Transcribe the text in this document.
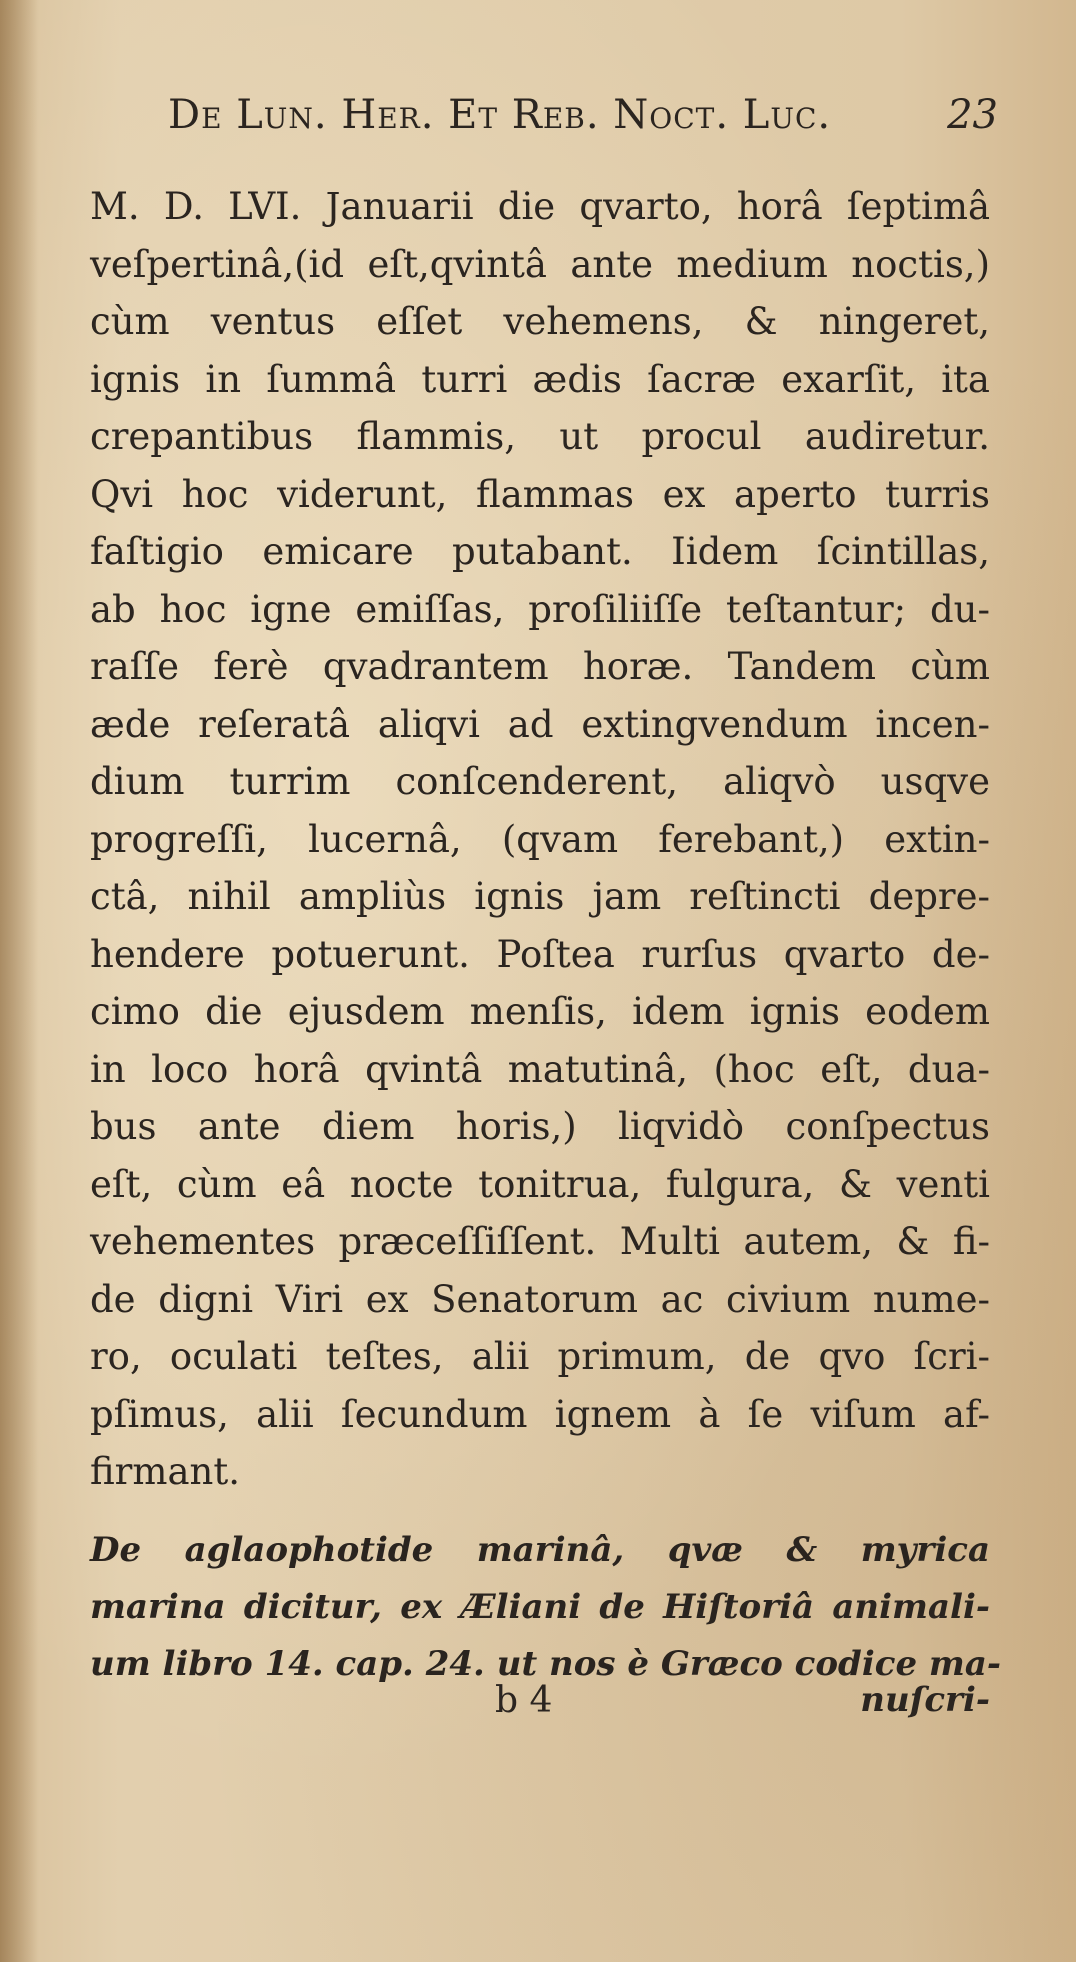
De Lun. Her. Et Reb. Noct. Luc.	23
M. D. LVI. Januarii die qvarto, horâ ſeptimâ
veſpertinâ,(id eſt,qvintâ ante medium noctis,)
cùm ventus eſſet vehemens, & ningeret,
ignis in ſummâ turri ædis ſacræ exarſit, ita
crepantibus flammis, ut procul audiretur.
Qvi hoc viderunt, flammas ex aperto turris
faſtigio emicare putabant. Iidem ſcintillas,
ab hoc igne emiſſas, proſiliiſſe teſtantur; du-
raſſe ferè qvadrantem horæ. Tandem cùm
æde reſeratâ aliqvi ad extingvendum incen-
dium turrim conſcenderent, aliqvò usqve
progreſſi, lucernâ, (qvam ferebant,) extin-
ctâ, nihil ampliùs ignis jam reſtincti depre-
hendere potuerunt. Poſtea rurſus qvarto de-
cimo die ejusdem menſis, idem ignis eodem
in loco horâ qvintâ matutinâ, (hoc eſt, dua-
bus ante diem horis,) liqvidò conſpectus
eſt, cùm eâ nocte tonitrua, fulgura, & venti
vehementes præceſſiſſent. Multi autem, & fi-
de digni Viri ex Senatorum ac civium nume-
ro, oculati teſtes, alii primum, de qvo ſcri-
pſimus, alii ſecundum ignem à ſe viſum af-
firmant.
De aglaophotide marinâ, qvæ & myrica
marina dicitur, ex Æliani de Hiſtoriâ animali-
um libro 14. cap. 24. ut nos è Græco codice ma-
b 4	nuſcri-
